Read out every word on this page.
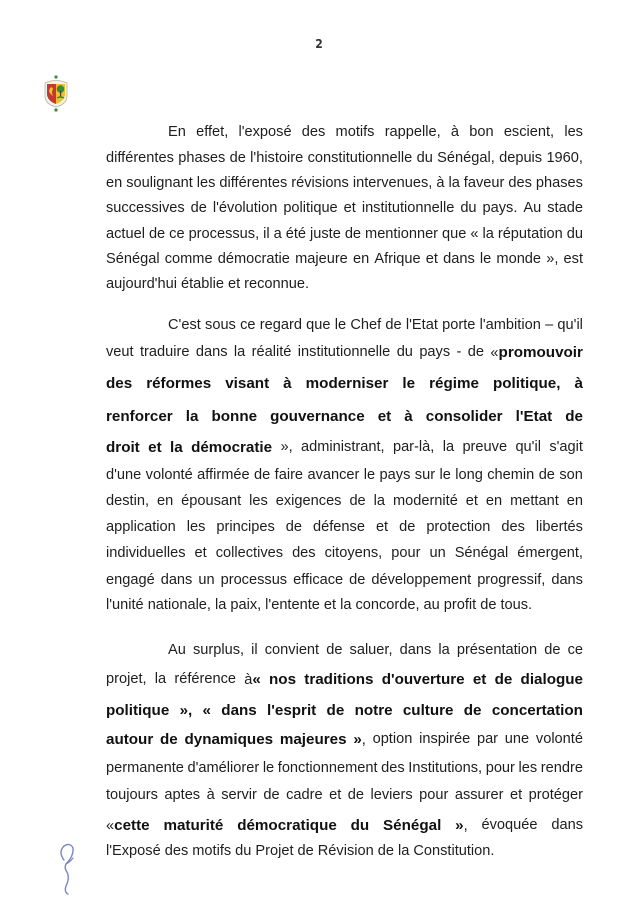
2
En effet, l'exposé des motifs rappelle, à bon escient, les
différentes phases de l'histoire constitutionnelle du Sénégal, depuis 1960,
en soulignant les différentes révisions intervenues, à la faveur des phases
successives de l'évolution politique et institutionnelle du pays. Au stade
actuel de ce processus, il a été juste de mentionner que « la réputation du
Sénégal comme démocratie majeure en Afrique et dans le monde », est
aujourd'hui établie et reconnue.
C'est sous ce regard que le Chef de l'Etat porte l'ambition – qu'il
veut traduire dans la réalité institutionnelle du pays - de «promouvoir
des réformes visant à moderniser le régime politique, à
renforcer la bonne gouvernance et à consolider l'Etat de
droit et la démocratie », administrant, par-là, la preuve qu'il s'agit
d'une volonté affirmée de faire avancer le pays sur le long chemin de son
destin, en épousant les exigences de la modernité et en mettant en
application les principes de défense et de protection des libertés
individuelles et collectives des citoyens, pour un Sénégal émergent,
engagé dans un processus efficace de développement progressif, dans
l'unité nationale, la paix, l'entente et la concorde, au profit de tous.
Au surplus, il convient de saluer, dans la présentation de ce
projet, la référence à« nos traditions d'ouverture et de dialogue
politique », « dans l'esprit de notre culture de concertation
autour de dynamiques majeures », option inspirée par une volonté
permanente d'améliorer le fonctionnement des Institutions, pour les rendre
toujours aptes à servir de cadre et de leviers pour assurer et protéger
«cette maturité démocratique du Sénégal », évoquée dans
l'Exposé des motifs du Projet de Révision de la Constitution.
